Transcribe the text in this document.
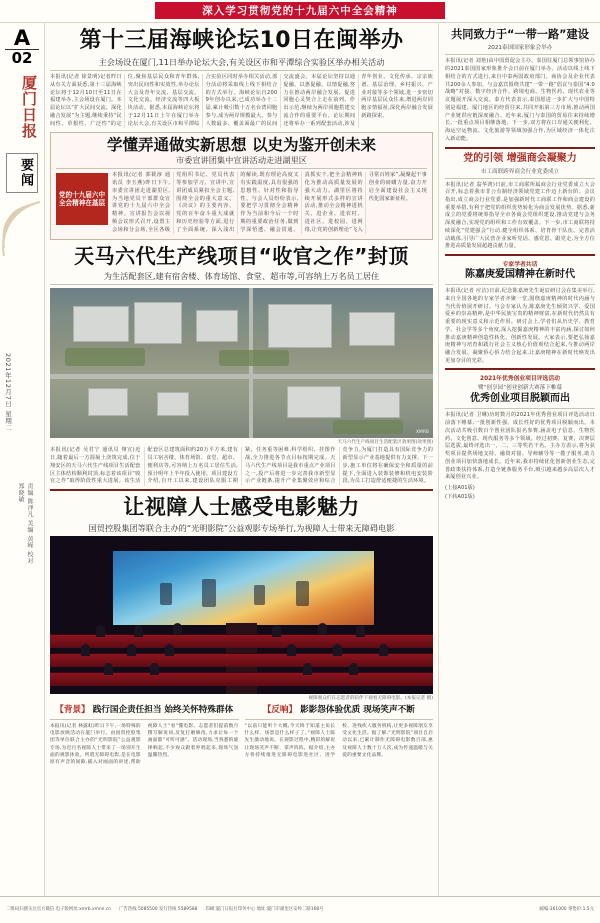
深入学习贯彻党的十九届六中全会精神
A
02
厦门日报
要闻
2021年12月7日 星期二
责编 陈泽凡 美编 黄嵘 校对 郑晓敏
第十三届海峡论坛10日在闽举办
主会场设在厦门,11日举办论坛大会,有关设区市和平潭综合实验区举办相关活动
本报讯(记者 徐景明)记者昨日从有关方面获悉,第十三届海峡论坛将于12月10日至11日在福建举办,主会场设在厦门。本届论坛以“扩大民间交流、深化融合发展”为主题,继续秉持“民间性、草根性、广泛性”的定位,聚焦基层民众和青年群体,突出民间性和实效性,举办论坛大会及青年交流、基层交流、文化交流、经济交流等四大板块活动。据悉,本届海峡论坛将于12月11日上午在厦门举办论坛大会,有关设区市和平潭综合实验区同时举办相关活动,部分活动将采取线上线下相结合的方式举行。海峡论坛自2009年创办以来,已成功举办十二届,累计吸引数十万名台湾同胞参与,成为两岸规模最大、参与人数最多、覆盖面最广的民间交流盛会。本届论坛坚持以通促融、以惠促融、以情促融,努力在推动两岸融合发展、促进同胞心灵契合上走在前列、作出示范,继续为两岸同胞搭建交流合作的重要平台。论坛期间还将举办一系列配套活动,涉及青年创业、文化传承、宗亲族谱、基层治理、乡村振兴、产业对接等多个领域,进一步密切两岸基层民众往来,增进两岸同胞亲情福祉,深化两岸融合发展新路探索。
学懂弄通做实新思想 以史为鉴开创未来
市委宣讲团集中宣讲活动走进湖里区
党的十九届六中全会精神在基层
本报讯(记者 郭筱淳 通讯员 李玉燕)昨日下午,市委宣讲团走进湖里区,为当地党员干部群众宣讲党的十九届六中全会精神。宣讲报告会以视频会议形式召开,设置主会场和分会场,全区各级党组织书记、党员代表等参加学习。宣讲中,宣讲团成员紧扣全会主题,围绕全会的重大意义、《决议》的主要内容、党的百年奋斗重大成就和历史经验等方面,进行了全面系统、深入浅出的解读,既有理论高度又有实践温度,具有很强的思想性、针对性和指导性。与会人员纷纷表示,要把学习贯彻全会精神作为当前和今后一个时期的重要政治任务,做到学深悟透、融会贯通、真抓实干,把全会精神转化为推动高质量发展的强大动力。湖里区将持续开展形式多样的宣讲活动,推动全会精神进机关、进企业、进农村、进社区、进校园、进网络,让党的创新理论“飞入寻常百姓家”,凝聚起干事创业的磅礴力量,奋力开启全面建设社会主义现代化国家新征程。
天马六代生产线项目“收官之作”封顶
为生活配套区,建有宿舍楼、体育场馆、食堂、超市等,可容纳上万名员工居住
XMRB
天马六代生产线项目生活配套区效果图(效果图)
本报讯(记者 吴君宁 通讯员 翔宣)近日,随着最后一方混凝土浇筑完成,位于翔安区的天马六代生产线项目生活配套区主体结构顺利封顶,标志着该项目“收官之作”取得阶段性重大进展。该生活配套区总建筑面积约20万平方米,建有员工宿舍楼、体育场馆、食堂、超市、便利店等,可容纳上万名员工居住生活,预计明年上半年投入使用。项目建设方介绍,自开工以来,建设团队克服工期紧、任务重等困难,科学组织、挂图作战,全力推进各节点目标按期完成。天马六代生产线项目是我市重点产业项目之一,投产后将进一步完善我市新型显示产业链条,提升产业集聚效应和综合竞争力,为厦门打造具有国际竞争力的新型显示产业基地提供有力支撑。下一步,施工单位将在确保安全和质量的前提下,全面进入装饰装修和机电安装阶段,为员工打造舒适便捷的生活环境。
让视障人士感受电影魅力
国贸控股集团等联合主办的“光明影院”公益观影专场举行,为视障人士带来无障碍电影
视障观众们在志愿者的陪伴下观看无障碍电影。(本报记者 摄)
【背景】 践行国企责任担当 始终关怀特殊群体
本报讯(记者 林露虹)昨日下午,一场特殊的电影放映活动在厦门举行。由国贸控股集团等单位联合主办的“光明影院”公益观影专场,为近百名视障人士带来了一场别开生面的观影体验。所谓无障碍电影,是在电影原有声音的间隙,插入对画面的讲述,帮助视障人士“看”懂电影。志愿者们提前数月撰写解说词,反复打磨修改,力求让每一个画面都“可听可感”。活动现场,当熟悉的旋律响起,不少观众跟着哼唱起来,现场气氛温馨热烈。
【反响】 影影怨体验优质 现场笑声不断
“以前只能听个大概,今天终于知道主角长什么样、场景是什么样子了。”视障人士陈先生激动地说。在观影过程中,精彩的解说让现场笑声不断、掌声阵阵。据介绍,主办方将持续推进无障碍电影进社区、进学校、进残疾人服务机构,让更多视障朋友享受文化生活。据了解,“光明影院”项目自启动以来,已累计制作无障碍电影数百部,惠及视障人士数十万人次,成为传递温暖与关爱的重要文化品牌。
共同致力于“一带一路”建设
2021泰国国家形象会举办
本报讯(记者 刘艳)由中国贸促会主办、泰国驻厦门总领事馆协办的2021泰国国家形象推介会日前在厦门举办。活动以线上线下相结合的方式进行,来自中泰两国政府部门、商协会及企业代表共200余人参加。与会嘉宾围绕共建“一带一路”倡议与泰国“4.0战略”对接、数字经济合作、跨境电商、生物医药、现代农业等议题展开深入交流。泰方代表表示,泰国愿进一步扩大与中国特别是福建、厦门地区的经贸往来,共同开拓第三方市场,推动两国产业链供应链深度融合。近年来,厦门与泰国的贸易往来持续增长,一批重点项目相继落地。下一步,双方将在口岸通关便利化、海运空运物流、文化旅游等领域加强合作,为区域经济一体化注入新动能。
党的引领 增强商会凝聚力
市工商联跨界商会行业党委成立
本报讯(记者 翁华鸿)日前,市工商联所属商会行业党委成立大会召开,标志着我市非公有制经济领域党建工作迈上新台阶。会议指出,成立商会行业党委,是加强新时代工商联工作和商会建设的重要举措,有利于把党的组织优势转化为商会发展优势。据悉,新成立的党委将统筹指导全市各商会党组织建设,推动党建与会务深度融合,实现党的组织和工作有效覆盖。下一步,市工商联将持续深化“党建强会”行动,健全组织体系、培育骨干队伍、完善活动载体,引导广大民营企业家听党话、感党恩、跟党走,为全方位推进高质量发展超越贡献力量。
专家学者共话
陈嘉庚爱国精神在新时代
本报讯(记者 应洁)日前,纪念陈嘉庚先生诞辰研讨会在集美举行,来自全国各地的专家学者齐聚一堂,围绕嘉庚精神的时代内涵与当代价值展开研讨。与会专家认为,陈嘉庚先生倾资兴学、爱国爱乡的崇高精神,是中华民族宝贵的精神财富,在新时代仍然具有重要的现实意义和示范作用。研讨会上,学者们从历史学、教育学、社会学等多个角度,深入挖掘嘉庚精神的丰富内涵,探讨如何推动嘉庚精神创造性转化、创新性发展。大家表示,要把弘扬嘉庚精神与培育和践行社会主义核心价值观结合起来,与推动两岸融合发展、凝聚侨心侨力结合起来,让嘉庚精神在新时代焕发出更加夺目的光彩。
2021年优秀创业项目评选活动
鹭“创享园”创业创新大赛落下帷幕
优秀创业项目脱颖而出
本报讯(记者 卫琳)历时数月的2021年优秀创业项目评选活动日前落下帷幕,一批创新性强、成长性好的优秀项目脱颖而出。本次活动共吸引数百个创业团队报名参赛,涵盖电子信息、生物医药、文化创意、现代服务等多个领域。经过初赛、复赛、决赛层层选拔,最终评选出一、二、三等奖若干名。主办方表示,将为获奖项目提供场地支持、融资对接、导师辅导等一揽子服务,助力创业项目加快落地成长。近年来,我市持续优化创新创业生态,完善政策扶持体系,打造全链条服务平台,吸引越来越多高层次人才来厦创业兴业。
(上接A01版)
(下转A01版)
二维码扫描关注官方微信 电子版网址:xmrb.xmnn.cn 广告热线 5085500 发行热线 5589588 印刷:厦门日报社印务中心 地址:厦门市湖里区安岭二路168号	邮编:361000 零售价:1.5元
